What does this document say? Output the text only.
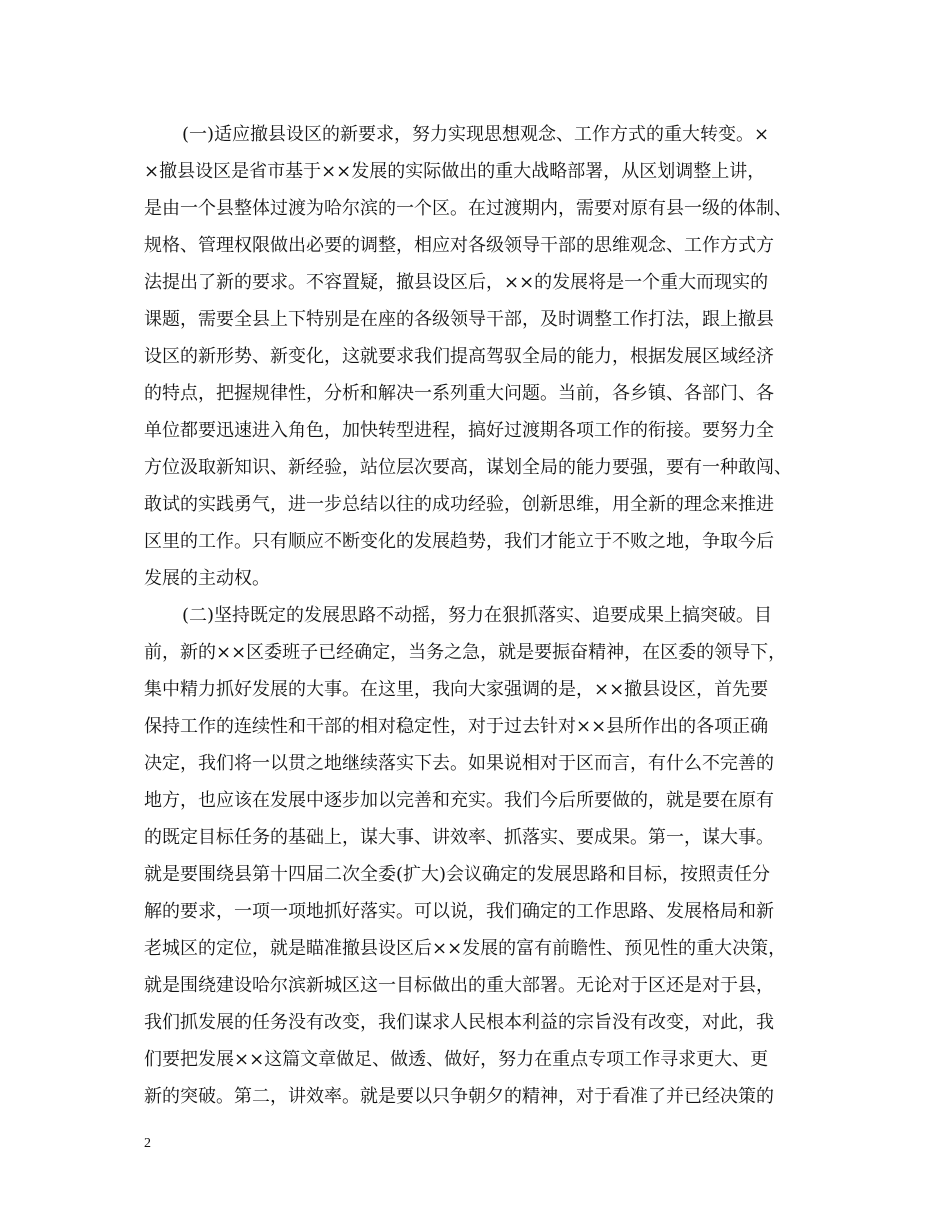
(一)适应撤县设区的新要求，努力实现思想观念、工作方式的重大转变。×
×撤县设区是省市基于××发展的实际做出的重大战略部署，从区划调整上讲，
是由一个县整体过渡为哈尔滨的一个区。在过渡期内，需要对原有县一级的体制、
规格、管理权限做出必要的调整，相应对各级领导干部的思维观念、工作方式方
法提出了新的要求。不容置疑，撤县设区后，××的发展将是一个重大而现实的
课题，需要全县上下特别是在座的各级领导干部，及时调整工作打法，跟上撤县
设区的新形势、新变化，这就要求我们提高驾驭全局的能力，根据发展区域经济
的特点，把握规律性，分析和解决一系列重大问题。当前，各乡镇、各部门、各
单位都要迅速进入角色，加快转型进程，搞好过渡期各项工作的衔接。要努力全
方位汲取新知识、新经验，站位层次要高，谋划全局的能力要强，要有一种敢闯、
敢试的实践勇气，进一步总结以往的成功经验，创新思维，用全新的理念来推进
区里的工作。只有顺应不断变化的发展趋势，我们才能立于不败之地，争取今后
发展的主动权。
(二)坚持既定的发展思路不动摇，努力在狠抓落实、追要成果上搞突破。目
前，新的××区委班子已经确定，当务之急，就是要振奋精神，在区委的领导下，
集中精力抓好发展的大事。在这里，我向大家强调的是，××撤县设区，首先要
保持工作的连续性和干部的相对稳定性，对于过去针对××县所作出的各项正确
决定，我们将一以贯之地继续落实下去。如果说相对于区而言，有什么不完善的
地方，也应该在发展中逐步加以完善和充实。我们今后所要做的，就是要在原有
的既定目标任务的基础上，谋大事、讲效率、抓落实、要成果。第一，谋大事。
就是要围绕县第十四届二次全委(扩大)会议确定的发展思路和目标，按照责任分
解的要求，一项一项地抓好落实。可以说，我们确定的工作思路、发展格局和新
老城区的定位，就是瞄准撤县设区后××发展的富有前瞻性、预见性的重大决策，
就是围绕建设哈尔滨新城区这一目标做出的重大部署。无论对于区还是对于县，
我们抓发展的任务没有改变，我们谋求人民根本利益的宗旨没有改变，对此，我
们要把发展××这篇文章做足、做透、做好，努力在重点专项工作寻求更大、更
新的突破。第二，讲效率。就是要以只争朝夕的精神，对于看准了并已经决策的
2
